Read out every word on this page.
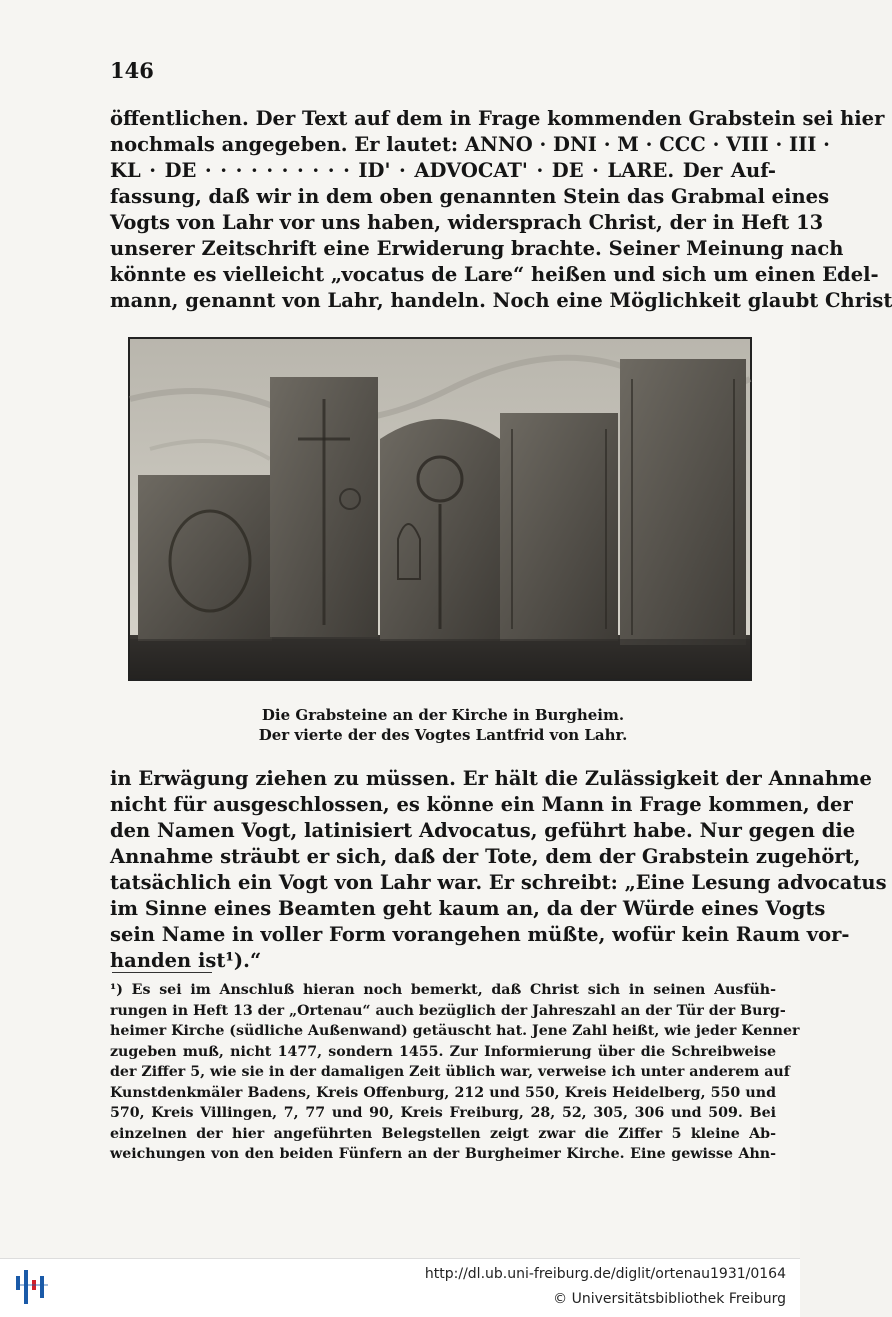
146
öffentlichen. Der Text auf dem in Frage kommenden Grabstein sei hier
nochmals angegeben. Er lautet: ANNO · DNI · M · CCC · VIII · III ·
KL · DE · · · · · · · · · · ID' · ADVOCAT' · DE · LARE. Der Auf-
fassung, daß wir in dem oben genannten Stein das Grabmal eines
Vogts von Lahr vor uns haben, widersprach Christ, der in Heft 13
unserer Zeitschrift eine Erwiderung brachte. Seiner Meinung nach
könnte es vielleicht „vocatus de Lare“ heißen und sich um einen Edel-
mann, genannt von Lahr, handeln. Noch eine Möglichkeit glaubt Christ
Die Grabsteine an der Kirche in Burgheim.
Der vierte der des Vogtes Lantfrid von Lahr.
in Erwägung ziehen zu müssen. Er hält die Zulässigkeit der Annahme
nicht für ausgeschlossen, es könne ein Mann in Frage kommen, der
den Namen Vogt, latinisiert Advocatus, geführt habe. Nur gegen die
Annahme sträubt er sich, daß der Tote, dem der Grabstein zugehört,
tatsächlich ein Vogt von Lahr war. Er schreibt: „Eine Lesung advocatus
im Sinne eines Beamten geht kaum an, da der Würde eines Vogts
sein Name in voller Form vorangehen müßte, wofür kein Raum vor-
handen ist¹).“
¹) Es sei im Anschluß hieran noch bemerkt, daß Christ sich in seinen Ausfüh-
rungen in Heft 13 der „Ortenau“ auch bezüglich der Jahreszahl an der Tür der Burg-
heimer Kirche (südliche Außenwand) getäuscht hat. Jene Zahl heißt, wie jeder Kenner
zugeben muß, nicht 1477, sondern 1455. Zur Informierung über die Schreibweise
der Ziffer 5, wie sie in der damaligen Zeit üblich war, verweise ich unter anderem auf
Kunstdenkmäler Badens, Kreis Offenburg, 212 und 550, Kreis Heidelberg, 550 und
570, Kreis Villingen, 7, 77 und 90, Kreis Freiburg, 28, 52, 305, 306 und 509. Bei
einzelnen der hier angeführten Belegstellen zeigt zwar die Ziffer 5 kleine Ab-
weichungen von den beiden Fünfern an der Burgheimer Kirche. Eine gewisse Ahn-
http://dl.ub.uni-freiburg.de/diglit/ortenau1931/0164
© Universitätsbibliothek Freiburg
